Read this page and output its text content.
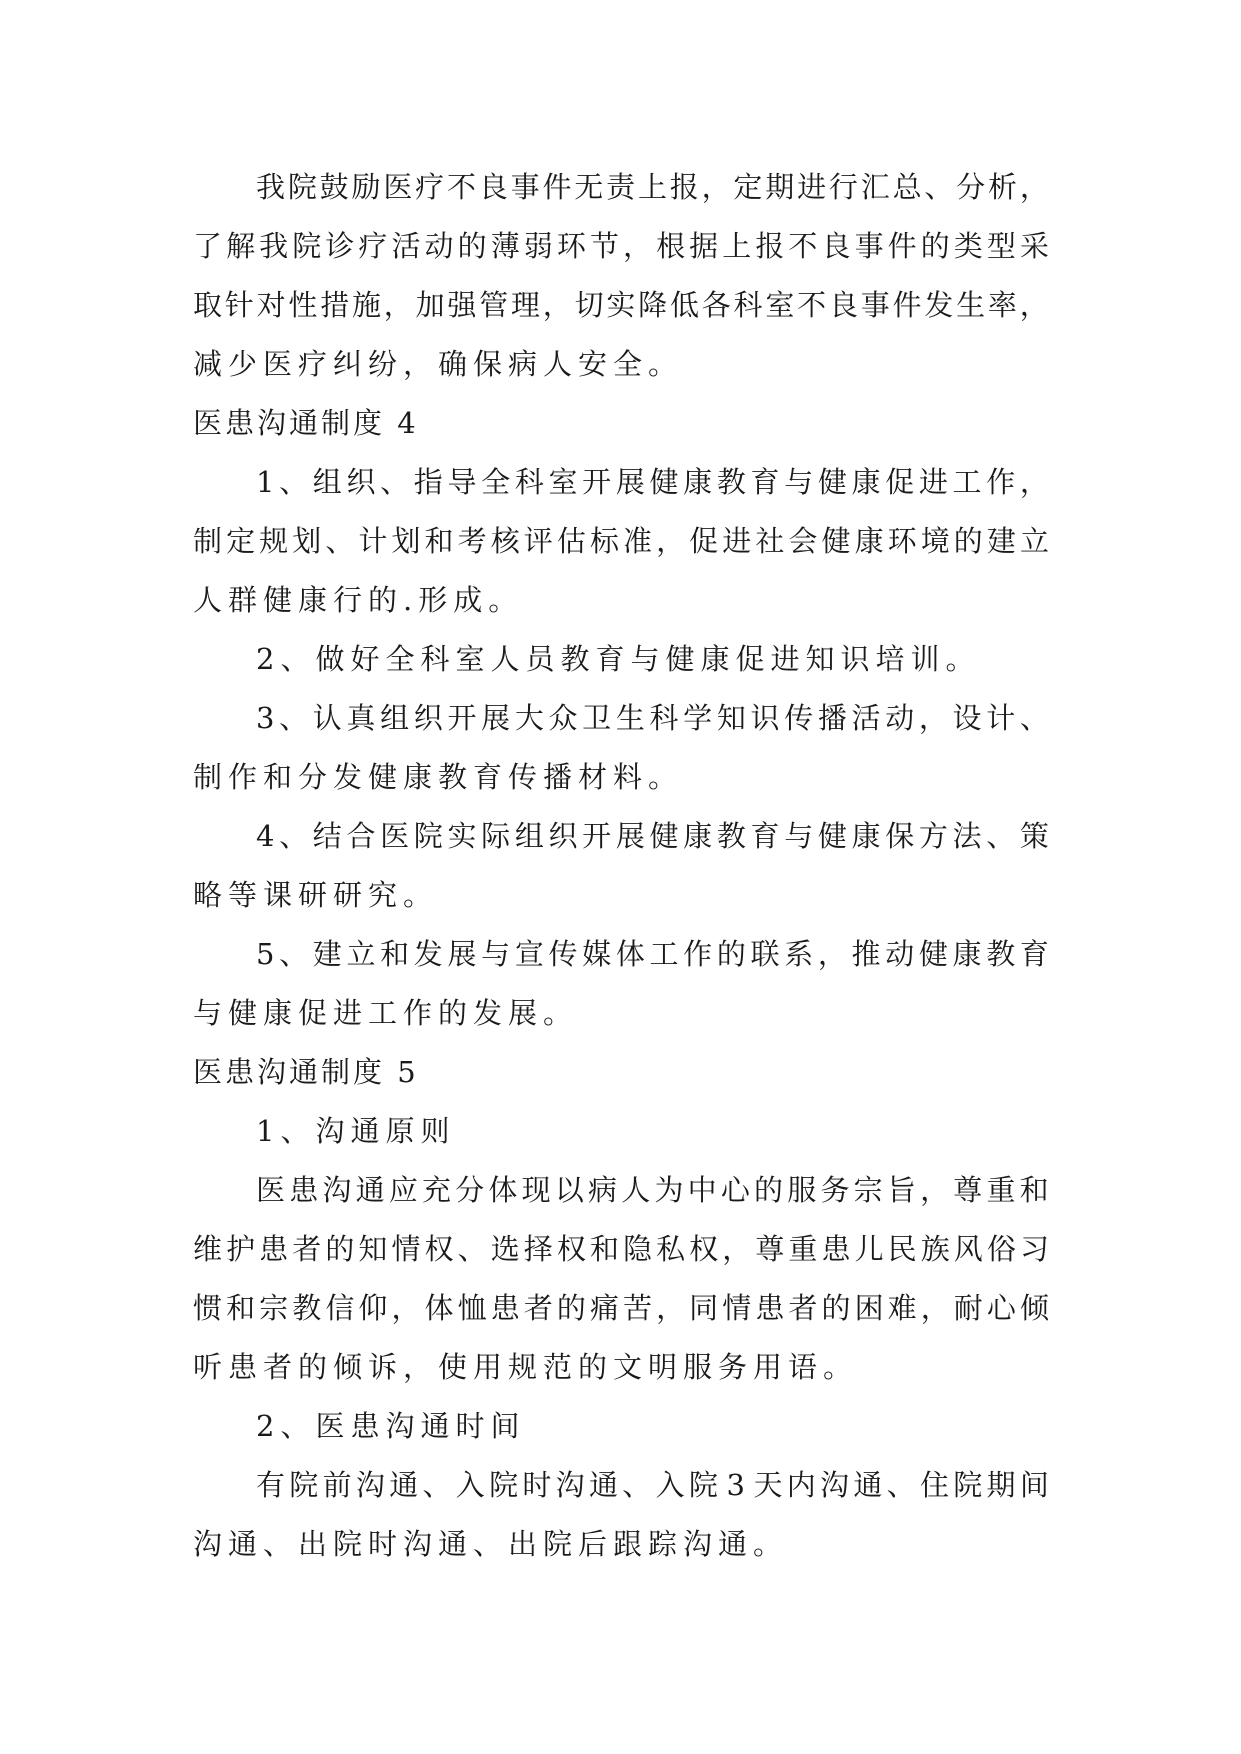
我 院 鼓 励 医 疗 不 良 事 件 无 责 上 报 ， 定 期 进 行 汇 总 、 分 析 ，
了 解 我 院 诊 疗 活 动 的 薄 弱 环 节 ， 根 据 上 报 不 良 事 件 的 类 型 采
取 针 对 性 措 施 ， 加 强 管 理 ， 切 实 降 低 各 科 室 不 良 事 件 发 生 率 ，
减少医疗纠纷，确保病人安全。
医患沟通制度 4
1 、 组 织 、 指 导 全 科 室 开 展 健 康 教 育 与 健 康 促 进 工 作 ，
制 定 规 划 、 计 划 和 考 核 评 估 标 准 ， 促 进 社 会 健 康 环 境 的 建 立
人群健康行的.形成。
2、做好全科室人员教育与健康促进知识培训。
3 、 认 真 组 织 开 展 大 众 卫 生 科 学 知 识 传 播 活 动 ， 设 计 、
制作和分发健康教育传播材料。
4 、 结 合 医 院 实 际 组 织 开 展 健 康 教 育 与 健 康 保 方 法 、 策
略等课研研究。
5 、 建 立 和 发 展 与 宣 传 媒 体 工 作 的 联 系 ， 推 动 健 康 教 育
与健康促进工作的发展。
医患沟通制度 5
1、沟通原则
医 患 沟 通 应 充 分 体 现 以 病 人 为 中 心 的 服 务 宗 旨 ， 尊 重 和
维 护 患 者 的 知 情 权 、 选 择 权 和 隐 私 权 ， 尊 重 患 儿 民 族 风 俗 习
惯 和 宗 教 信 仰 ， 体 恤 患 者 的 痛 苦 ， 同 情 患 者 的 困 难 ， 耐 心 倾
听患者的倾诉，使用规范的文明服务用语。
2、医患沟通时间
有 院 前 沟 通 、 入 院 时 沟 通 、 入 院 3 天 内 沟 通 、 住 院 期 间
沟通、出院时沟通、出院后跟踪沟通。
